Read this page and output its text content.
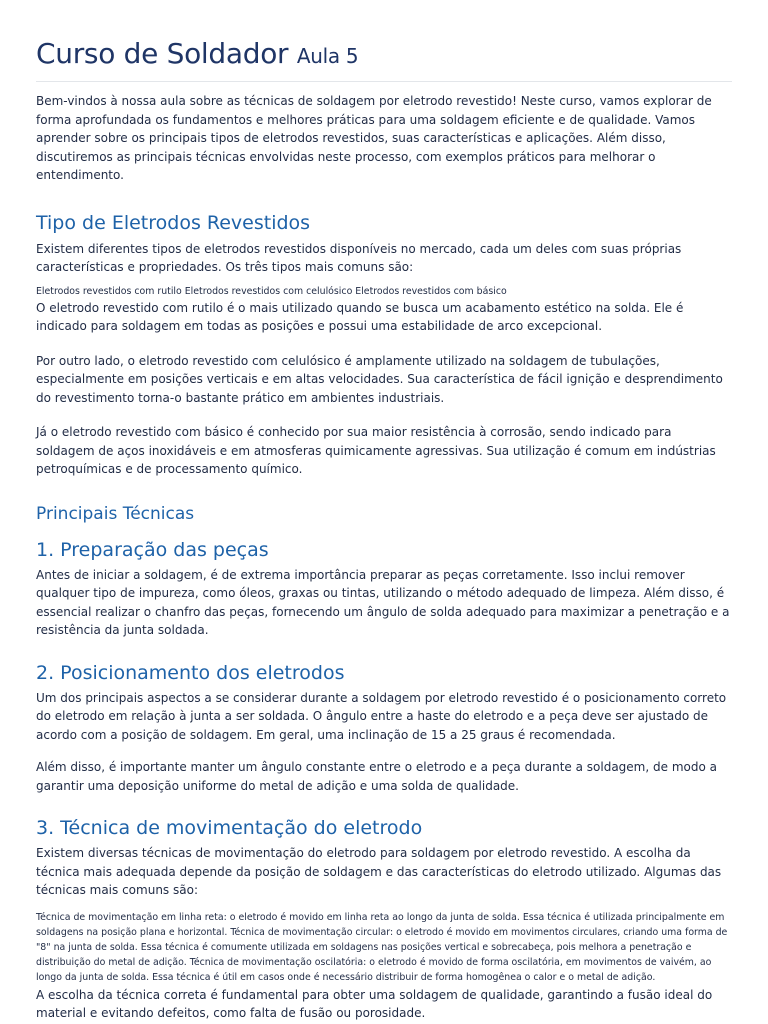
Curso de Soldador Aula 5

Bem-vindos à nossa aula sobre as técnicas de soldagem por eletrodo revestido! Neste curso, vamos explorar de forma aprofundada os fundamentos e melhores práticas para uma soldagem eficiente e de qualidade. Vamos aprender sobre os principais tipos de eletrodos revestidos, suas características e aplicações. Além disso, discutiremos as principais técnicas envolvidas neste processo, com exemplos práticos para melhorar o entendimento.

Tipo de Eletrodos Revestidos

Existem diferentes tipos de eletrodos revestidos disponíveis no mercado, cada um deles com suas próprias características e propriedades. Os três tipos mais comuns são:

Eletrodos revestidos com rutilo Eletrodos revestidos com celulósico Eletrodos revestidos com básico

O eletrodo revestido com rutilo é o mais utilizado quando se busca um acabamento estético na solda. Ele é indicado para soldagem em todas as posições e possui uma estabilidade de arco excepcional.

Por outro lado, o eletrodo revestido com celulósico é amplamente utilizado na soldagem de tubulações, especialmente em posições verticais e em altas velocidades. Sua característica de fácil ignição e desprendimento do revestimento torna-o bastante prático em ambientes industriais.

Já o eletrodo revestido com básico é conhecido por sua maior resistência à corrosão, sendo indicado para soldagem de aços inoxidáveis e em atmosferas quimicamente agressivas. Sua utilização é comum em indústrias petroquímicas e de processamento químico.

Principais Técnicas
1. Preparação das peças

Antes de iniciar a soldagem, é de extrema importância preparar as peças corretamente. Isso inclui remover qualquer tipo de impureza, como óleos, graxas ou tintas, utilizando o método adequado de limpeza. Além disso, é essencial realizar o chanfro das peças, fornecendo um ângulo de solda adequado para maximizar a penetração e a resistência da junta soldada.

2. Posicionamento dos eletrodos

Um dos principais aspectos a se considerar durante a soldagem por eletrodo revestido é o posicionamento correto do eletrodo em relação à junta a ser soldada. O ângulo entre a haste do eletrodo e a peça deve ser ajustado de acordo com a posição de soldagem. Em geral, uma inclinação de 15 a 25 graus é recomendada.

Além disso, é importante manter um ângulo constante entre o eletrodo e a peça durante a soldagem, de modo a garantir uma deposição uniforme do metal de adição e uma solda de qualidade.

3. Técnica de movimentação do eletrodo

Existem diversas técnicas de movimentação do eletrodo para soldagem por eletrodo revestido. A escolha da técnica mais adequada depende da posição de soldagem e das características do eletrodo utilizado. Algumas das técnicas mais comuns são:

Técnica de movimentação em linha reta: o eletrodo é movido em linha reta ao longo da junta de solda. Essa técnica é utilizada principalmente em soldagens na posição plana e horizontal. Técnica de movimentação circular: o eletrodo é movido em movimentos circulares, criando uma forma de "8" na junta de solda. Essa técnica é comumente utilizada em soldagens nas posições vertical e sobrecabeça, pois melhora a penetração e distribuição do metal de adição. Técnica de movimentação oscilatória: o eletrodo é movido de forma oscilatória, em movimentos de vaivém, ao longo da junta de solda. Essa técnica é útil em casos onde é necessário distribuir de forma homogênea o calor e o metal de adição.

A escolha da técnica correta é fundamental para obter uma soldagem de qualidade, garantindo a fusão ideal do material e evitando defeitos, como falta de fusão ou porosidade.
